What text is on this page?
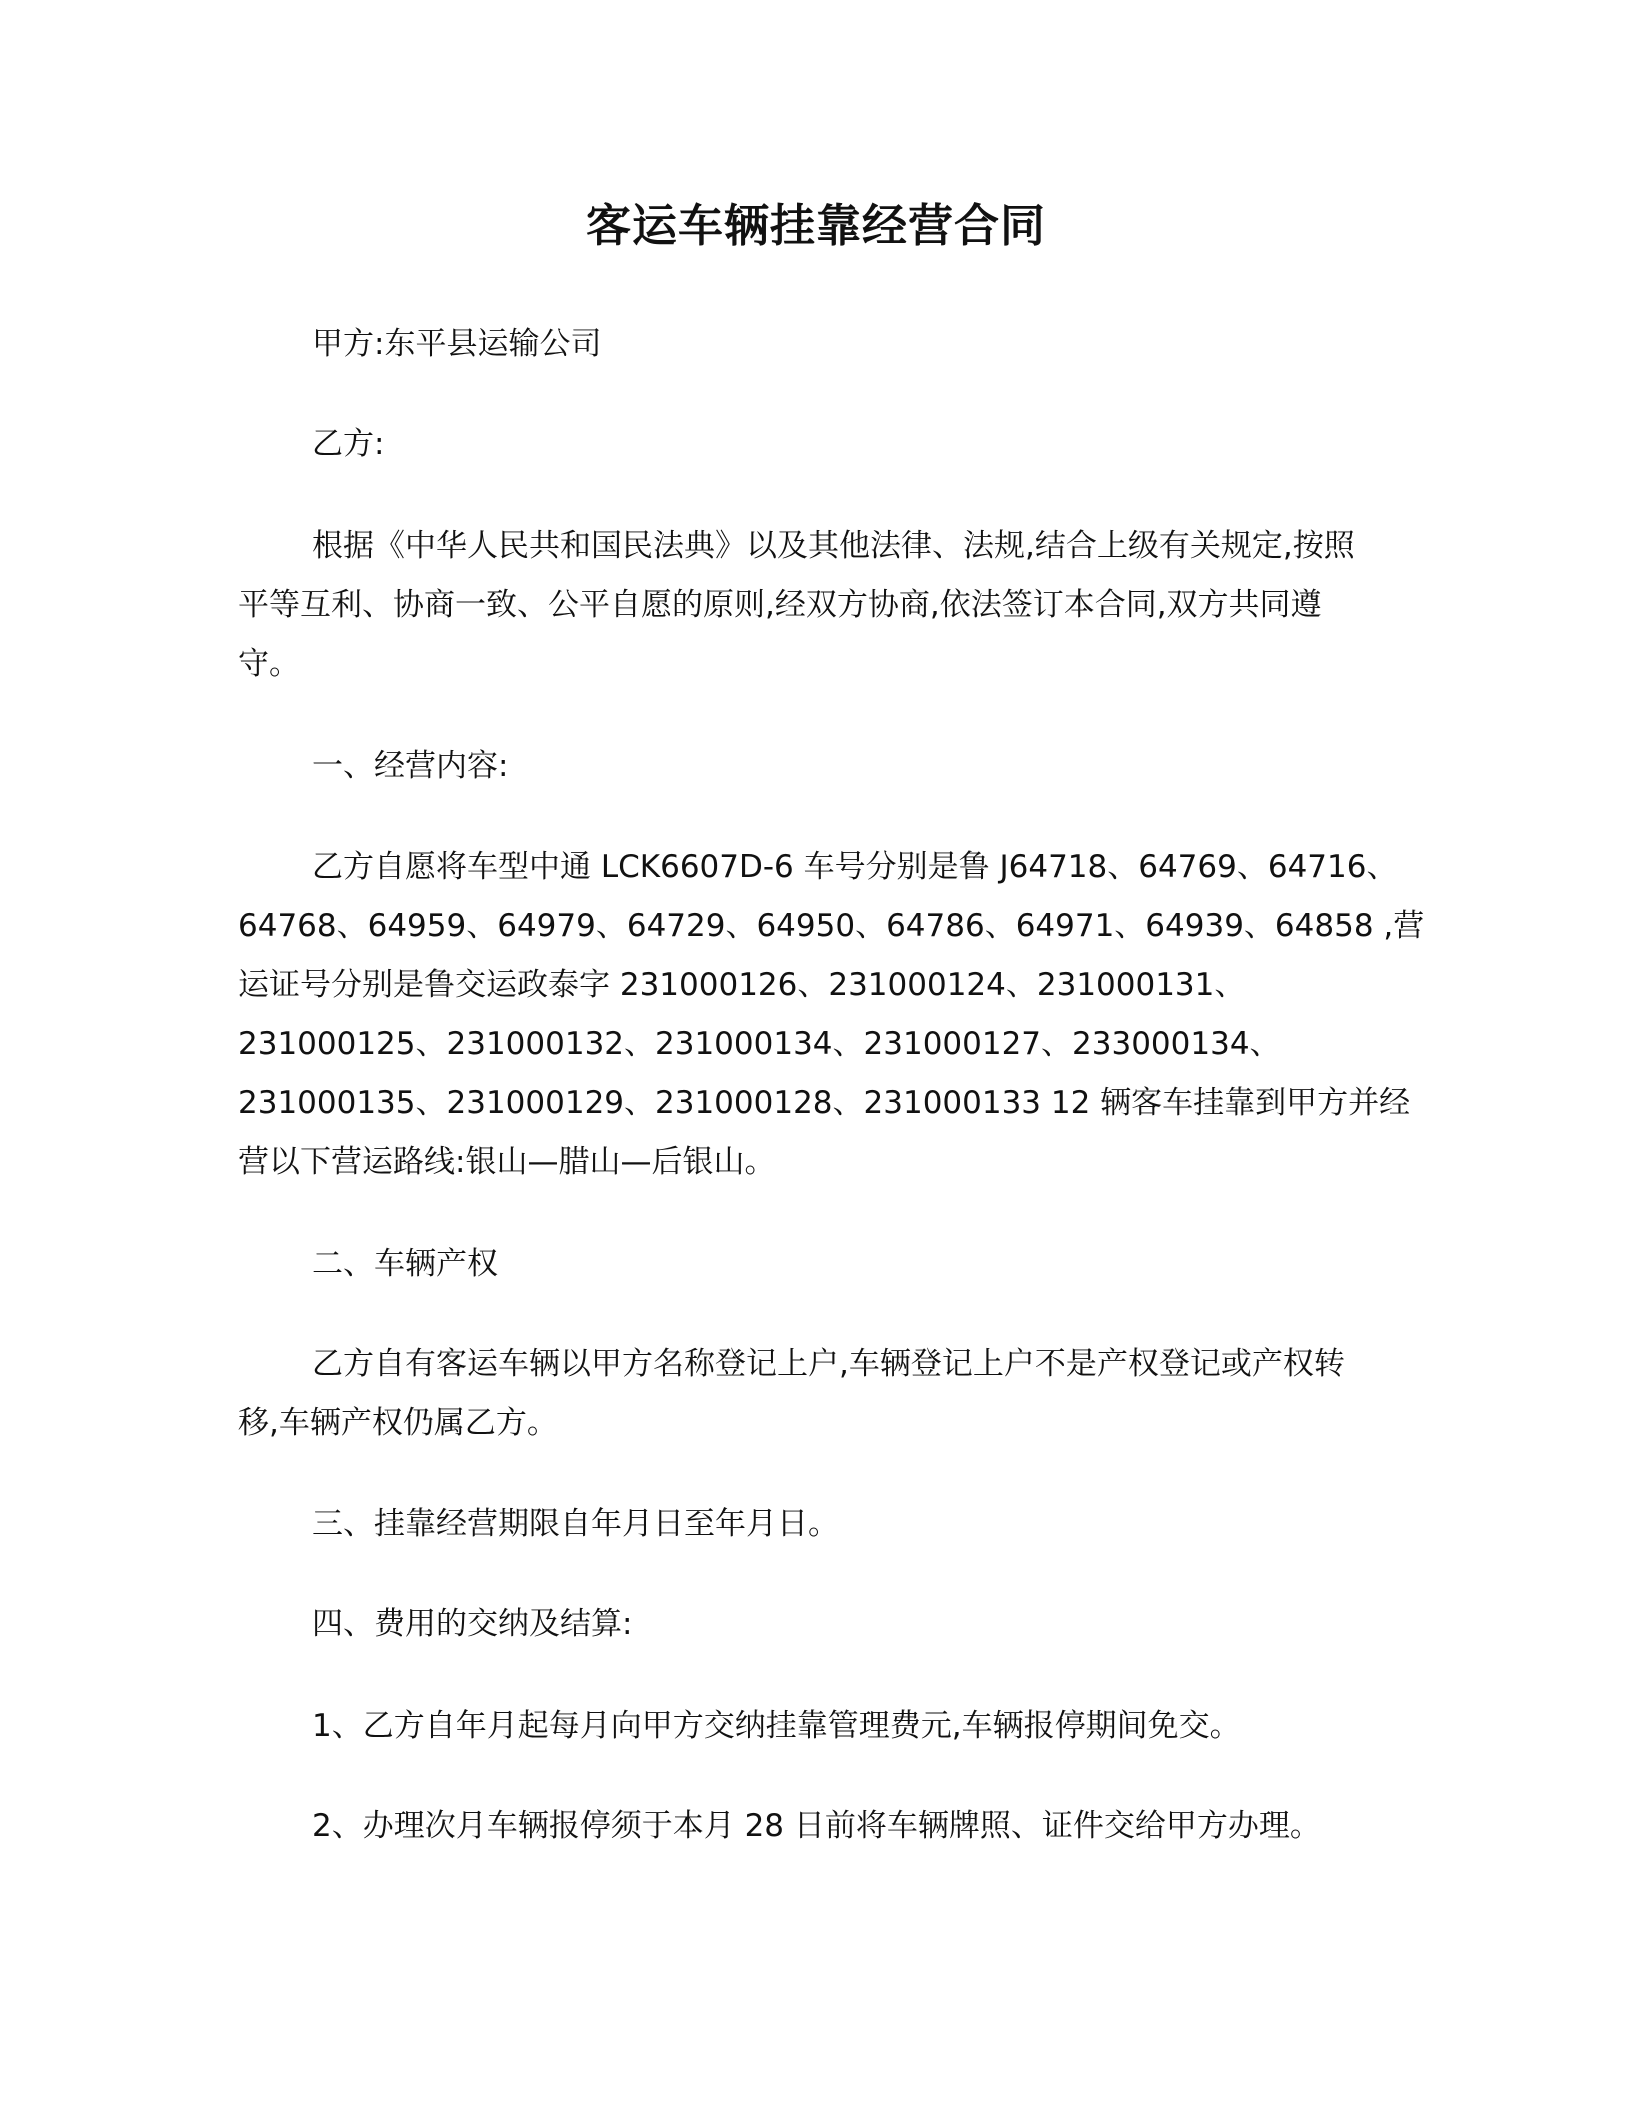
客运车辆挂靠经营合同
甲方:东平县运输公司
乙方:
根据《中华人民共和国民法典》以及其他法律、法规,结合上级有关规定,按照
平等互利、协商一致、公平自愿的原则,经双方协商,依法签订本合同,双方共同遵
守。
一、经营内容:
乙方自愿将车型中通 LCK6607D-6 车号分别是鲁 J64718、64769、64716、
64768、64959、64979、64729、64950、64786、64971、64939、64858 ,营
运证号分别是鲁交运政泰字 231000126、231000124、231000131、
231000125、231000132、231000134、231000127、233000134、
231000135、231000129、231000128、231000133 12 辆客车挂靠到甲方并经
营以下营运路线:银山—腊山—后银山。
二、车辆产权
乙方自有客运车辆以甲方名称登记上户,车辆登记上户不是产权登记或产权转
移,车辆产权仍属乙方。
三、挂靠经营期限自年月日至年月日。
四、费用的交纳及结算:
1、乙方自年月起每月向甲方交纳挂靠管理费元,车辆报停期间免交。
2、办理次月车辆报停须于本月 28 日前将车辆牌照、证件交给甲方办理。
